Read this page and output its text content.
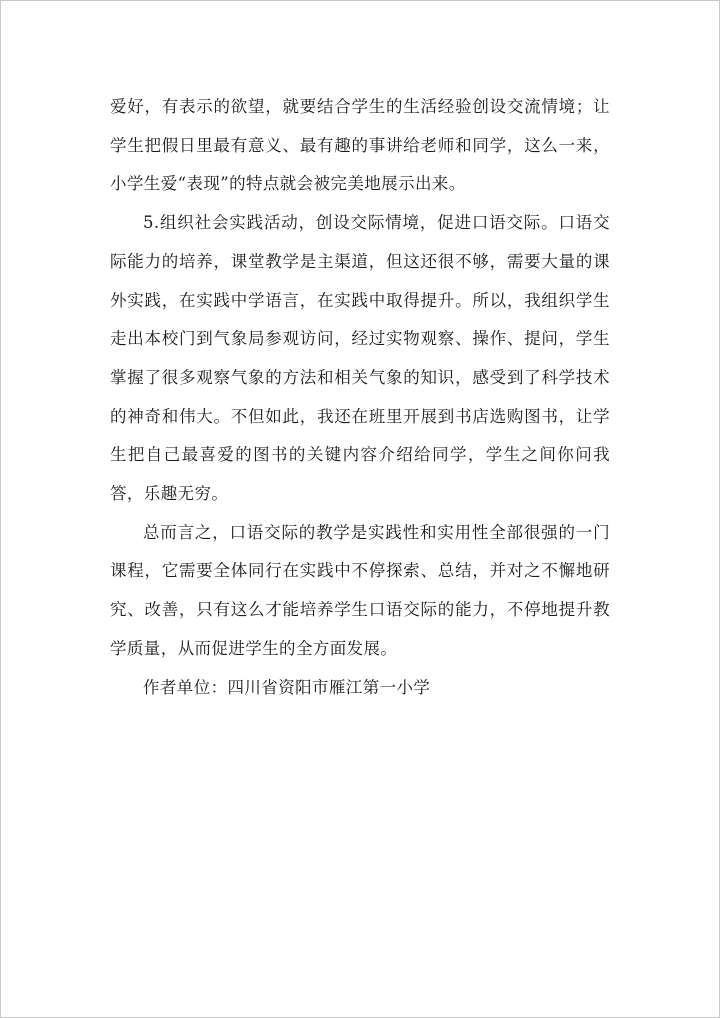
爱好，有表示的欲望，就要结合学生的生活经验创设交流情境；让学生把假日里最有意义、最有趣的事讲给老师和同学，这么一来，小学生爱“表现”的特点就会被完美地展示出来。

5.组织社会实践活动，创设交际情境，促进口语交际。口语交际能力的培养，课堂教学是主渠道，但这还很不够，需要大量的课外实践，在实践中学语言，在实践中取得提升。所以，我组织学生走出本校门到气象局参观访问，经过实物观察、操作、提问，学生掌握了很多观察气象的方法和相关气象的知识，感受到了科学技术的神奇和伟大。不但如此，我还在班里开展到书店选购图书，让学生把自己最喜爱的图书的关键内容介绍给同学，学生之间你问我答，乐趣无穷。

总而言之，口语交际的教学是实践性和实用性全部很强的一门课程，它需要全体同行在实践中不停探索、总结，并对之不懈地研究、改善，只有这么才能培养学生口语交际的能力，不停地提升教学质量，从而促进学生的全方面发展。

作者单位：四川省资阳市雁江第一小学
